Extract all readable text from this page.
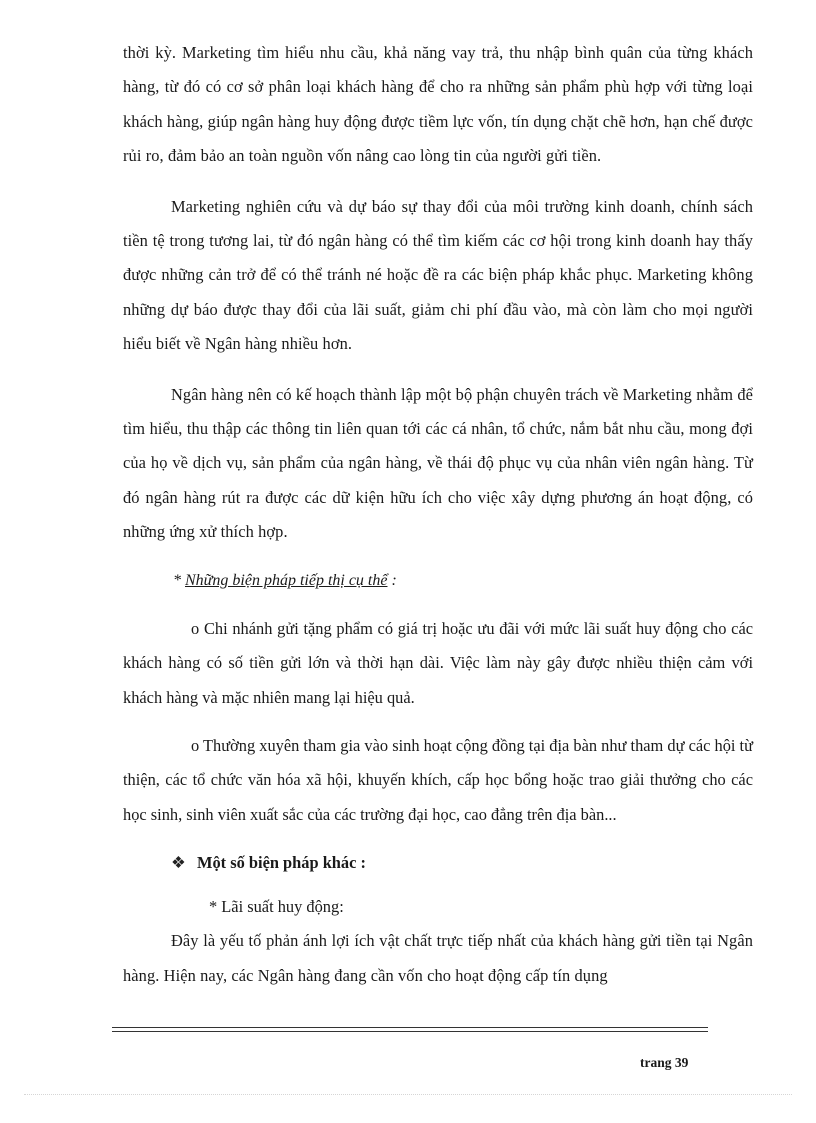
thời kỳ. Marketing tìm hiểu nhu cầu, khả năng vay trả, thu nhập bình quân của từng khách hàng, từ đó có cơ sở phân loại khách hàng để cho ra những sản phẩm phù hợp với từng loại khách hàng, giúp ngân hàng huy động được tiềm lực vốn, tín dụng chặt chẽ hơn, hạn chế được rủi ro, đảm bảo an toàn nguồn vốn nâng cao lòng tin của người gửi tiền.

Marketing nghiên cứu và dự báo sự thay đổi của môi trường kinh doanh, chính sách tiền tệ trong tương lai, từ đó ngân hàng có thể tìm kiếm các cơ hội trong kinh doanh hay thấy được những cản trở để có thể tránh né hoặc đề ra các biện pháp khắc phục. Marketing không những dự báo được thay đổi của lãi suất, giảm chi phí đầu vào, mà còn làm cho mọi người hiểu biết về Ngân hàng nhiều hơn.

Ngân hàng nên có kế hoạch thành lập một bộ phận chuyên trách về Marketing nhằm để tìm hiểu, thu thập các thông tin liên quan tới các cá nhân, tổ chức, nắm bắt nhu cầu, mong đợi của họ về dịch vụ, sản phẩm của ngân hàng, về thái độ phục vụ của nhân viên ngân hàng. Từ đó ngân hàng rút ra được các dữ kiện hữu ích cho việc xây dựng phương án hoạt động, có những ứng xử thích hợp.

* Những biện pháp tiếp thị cụ thể :

o Chi nhánh gửi tặng phẩm có giá trị hoặc ưu đãi với mức lãi suất huy động cho các khách hàng có số tiền gửi lớn và thời hạn dài. Việc làm này gây được nhiều thiện cảm với khách hàng và mặc nhiên mang lại hiệu quả.

o Thường xuyên tham gia vào sinh hoạt cộng đồng tại địa bàn như tham dự các hội từ thiện, các tổ chức văn hóa xã hội, khuyến khích, cấp học bổng hoặc trao giải thưởng cho các học sinh, sinh viên xuất sắc của các trường đại học, cao đẳng trên địa bàn...

❖ Một số biện pháp khác :

* Lãi suất huy động:

Đây là yếu tố phản ánh lợi ích vật chất trực tiếp nhất của khách hàng gửi tiền tại Ngân hàng. Hiện nay, các Ngân hàng đang cần vốn cho hoạt động cấp tín dụng

trang 39
